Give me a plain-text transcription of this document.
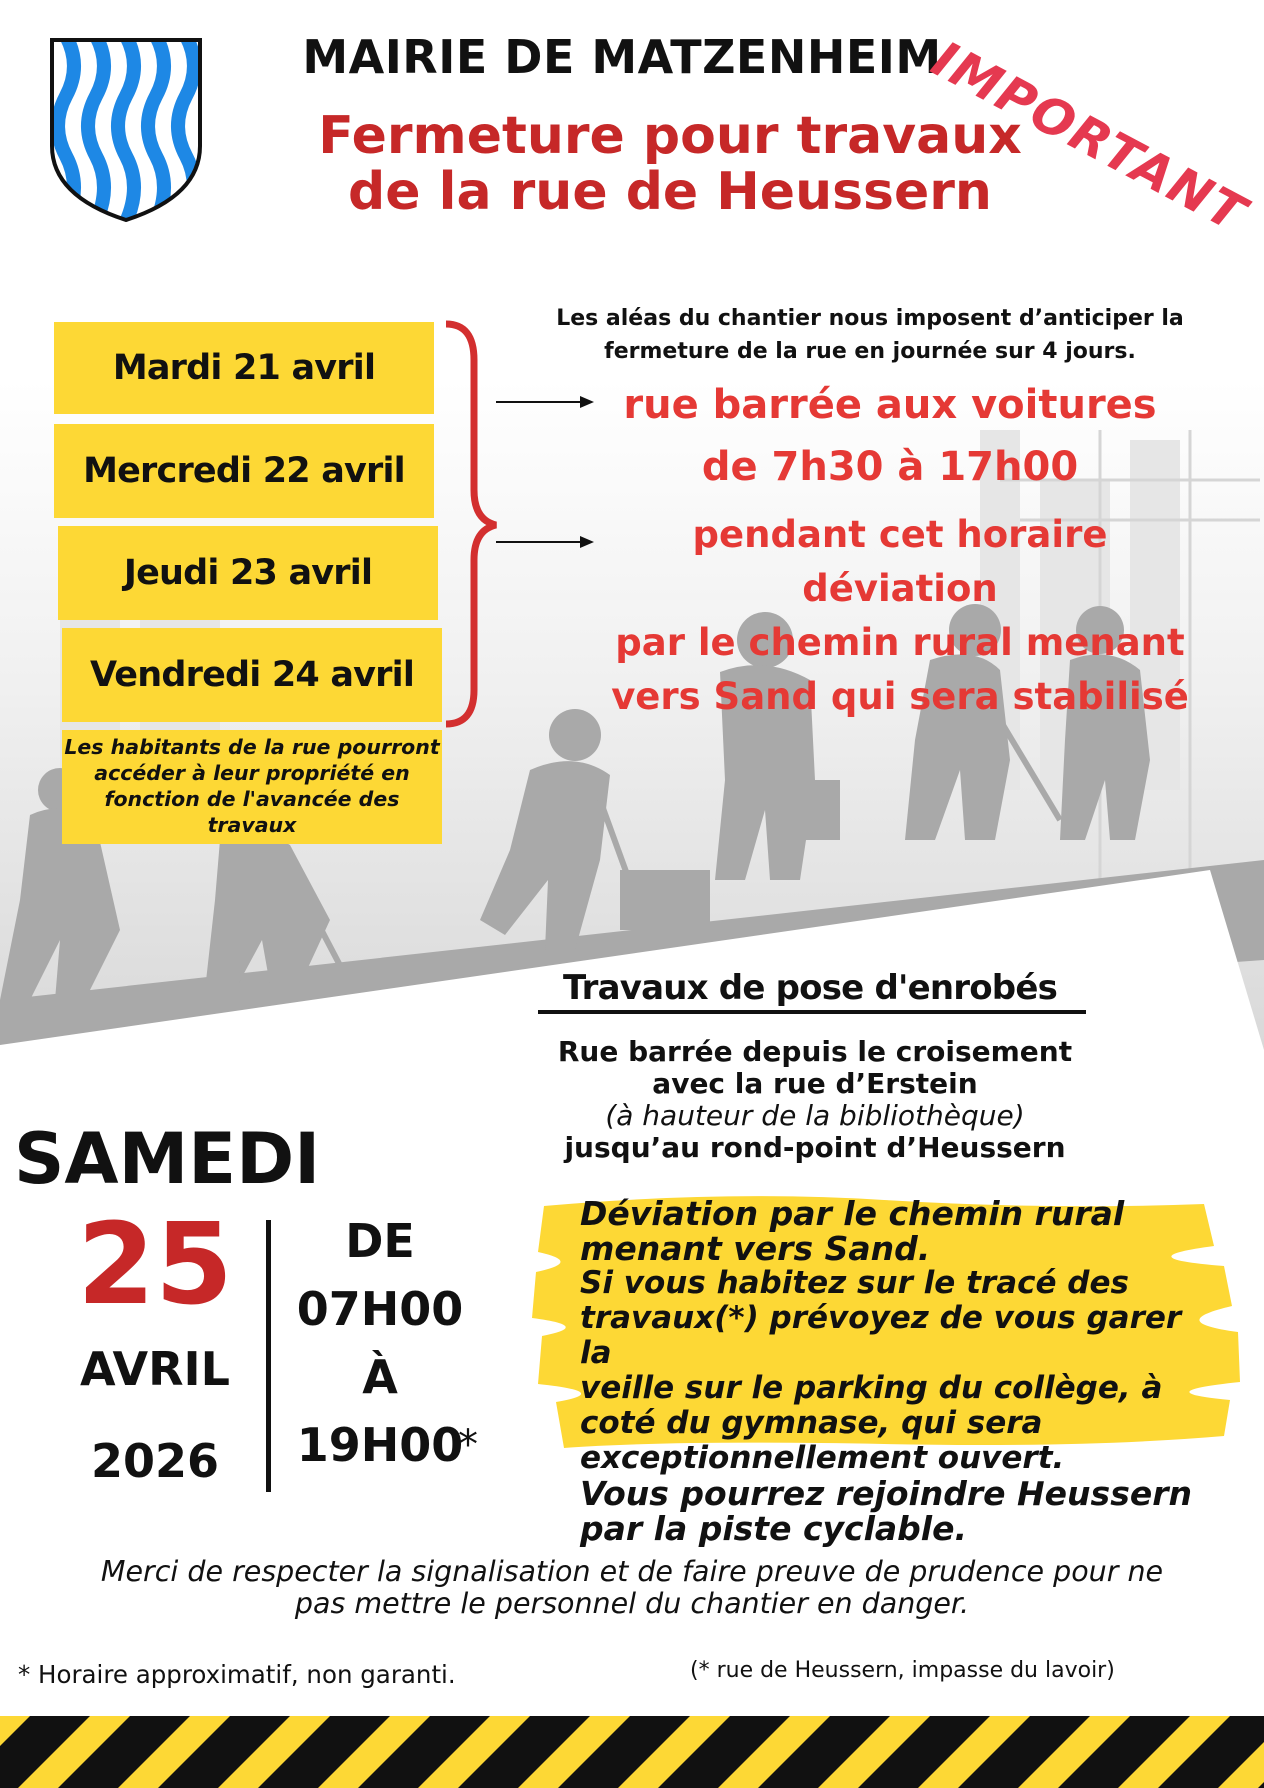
MAIRIE DE MATZENHEIM
Fermeture pour travaux
de la rue de Heussern
IMPORTANT
Mardi 21 avril
Mercredi 22 avril
Jeudi 23 avril
Vendredi 24 avril
Les habitants de la rue pourront accéder à leur propriété en fonction de l'avancée des travaux
Les aléas du chantier nous imposent d’anticiper la
fermeture de la rue en journée sur 4 jours.
rue barrée aux voitures
de 7h30 à 17h00
pendant cet horaire déviation
par le chemin rural menant
vers Sand qui sera stabilisé
Travaux de pose d'enrobés
Rue barrée depuis le croisement
avec la rue d’Erstein
(à hauteur de la bibliothèque)
jusqu’au rond-point d’Heussern
SAMEDI
25
AVRIL
2026
DE
07H00
À
19H00
*
Déviation par le chemin rural
menant vers Sand.
Si vous habitez sur le tracé des
travaux(*) prévoyez de vous garer la
veille sur le parking du collège, à
coté du gymnase, qui sera
exceptionnellement ouvert.
Vous pourrez rejoindre Heussern
par la piste cyclable.
Merci de respecter la signalisation et de faire preuve de prudence pour ne
pas mettre le personnel du chantier en danger.
* Horaire approximatif, non garanti.	(* rue de Heussern, impasse du lavoir)
